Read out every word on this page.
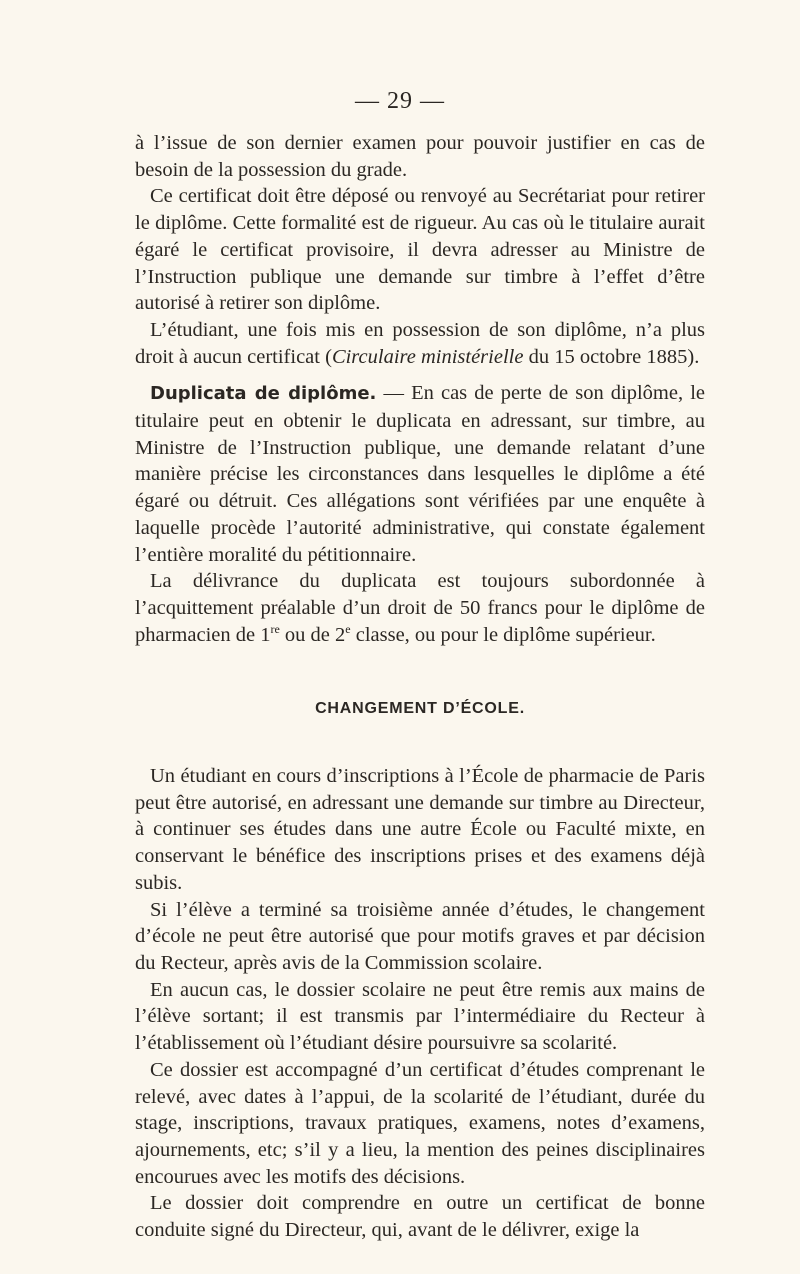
— 29 —

à l’issue de son dernier examen pour pouvoir justifier en cas de besoin de la possession du grade.

Ce certificat doit être déposé ou renvoyé au Secrétariat pour retirer le diplôme. Cette formalité est de rigueur. Au cas où le titulaire aurait égaré le certificat provisoire, il devra adresser au Ministre de l’Instruction publique une demande sur timbre à l’effet d’être autorisé à retirer son diplôme.

L’étudiant, une fois mis en possession de son diplôme, n’a plus droit à aucun certificat (Circulaire ministérielle du 15 octobre 1885).

Duplicata de diplôme. — En cas de perte de son diplôme, le titulaire peut en obtenir le duplicata en adressant, sur timbre, au Ministre de l’Instruction publique, une demande relatant d’une manière précise les circonstances dans lesquelles le diplôme a été égaré ou détruit. Ces allégations sont vérifiées par une enquête à laquelle procède l’autorité administrative, qui constate également l’entière moralité du pétitionnaire.

La délivrance du duplicata est toujours subordonnée à l’acquittement préalable d’un droit de 50 francs pour le diplôme de pharmacien de 1re ou de 2e classe, ou pour le diplôme supérieur.

CHANGEMENT D’ÉCOLE.

Un étudiant en cours d’inscriptions à l’École de pharmacie de Paris peut être autorisé, en adressant une demande sur timbre au Directeur, à continuer ses études dans une autre École ou Faculté mixte, en conservant le bénéfice des inscriptions prises et des examens déjà subis.

Si l’élève a terminé sa troisième année d’études, le changement d’école ne peut être autorisé que pour motifs graves et par décision du Recteur, après avis de la Commission scolaire.

En aucun cas, le dossier scolaire ne peut être remis aux mains de l’élève sortant; il est transmis par l’intermédiaire du Recteur à l’établissement où l’étudiant désire poursuivre sa scolarité.

Ce dossier est accompagné d’un certificat d’études comprenant le relevé, avec dates à l’appui, de la scolarité de l’étudiant, durée du stage, inscriptions, travaux pratiques, examens, notes d’examens, ajournements, etc; s’il y a lieu, la mention des peines disciplinaires encourues avec les motifs des décisions.

Le dossier doit comprendre en outre un certificat de bonne conduite signé du Directeur, qui, avant de le délivrer, exige la
